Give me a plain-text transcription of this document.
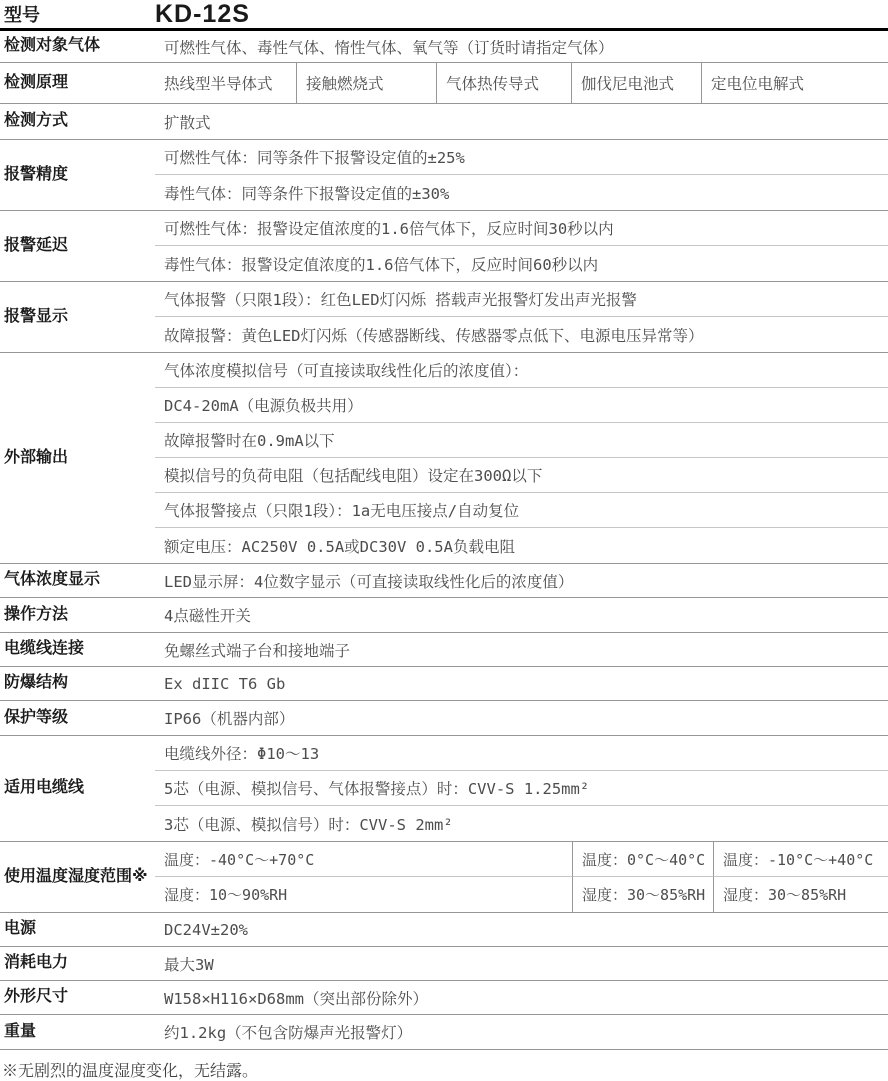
型号	KD-12S
检测对象气体	可燃性气体、毒性气体、惰性气体、氧气等（订货时请指定气体）
检测原理	热线型半导体式	接触燃烧式	气体热传导式	伽伐尼电池式	定电位电解式
检测方式	扩散式
报警精度
可燃性气体：同等条件下报警设定值的±25%
毒性气体：同等条件下报警设定值的±30%
报警延迟
可燃性气体：报警设定值浓度的1.6倍气体下，反应时间30秒以内
毒性气体：报警设定值浓度的1.6倍气体下，反应时间60秒以内
报警显示
气体报警（只限1段）：红色LED灯闪烁 搭载声光报警灯发出声光报警
故障报警：黄色LED灯闪烁（传感器断线、传感器零点低下、电源电压异常等）
外部输出
气体浓度模拟信号（可直接读取线性化后的浓度值）：
DC4-20mA（电源负极共用）
故障报警时在0.9mA以下
模拟信号的负荷电阻（包括配线电阻）设定在300Ω以下
气体报警接点（只限1段）：1a无电压接点/自动复位
额定电压：AC250V 0.5A或DC30V 0.5A负载电阻
气体浓度显示	LED显示屏：4位数字显示（可直接读取线性化后的浓度值）
操作方法	4点磁性开关
电缆线连接	免螺丝式端子台和接地端子
防爆结构	Ex dIIC T6 Gb
保护等级	IP66（机器内部）
适用电缆线
电缆线外径：Φ10～13
5芯（电源、模拟信号、气体报警接点）时：CVV-S 1.25mm²
3芯（电源、模拟信号）时：CVV-S 2mm²
使用温度湿度范围※
温度：-40°C～+70°C	温度：0°C～40°C	温度：-10°C～+40°C
湿度：10～90%RH	湿度：30～85%RH	湿度：30～85%RH
电源	DC24V±20%
消耗电力	最大3W
外形尺寸	W158×H116×D68mm（突出部份除外）
重量	约1.2kg（不包含防爆声光报警灯）
※无剧烈的温度湿度变化，无结露。
